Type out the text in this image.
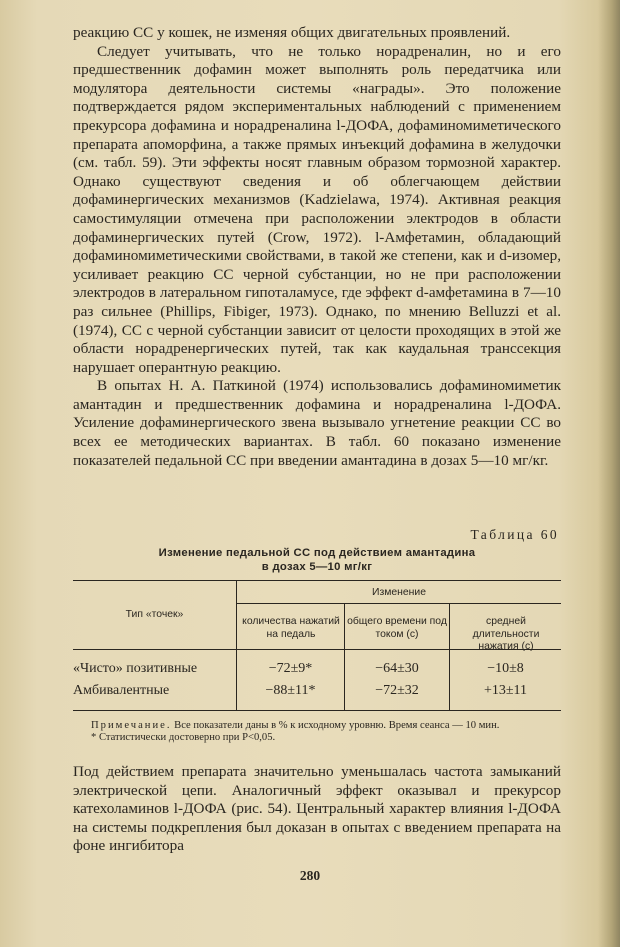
реакцию СС у кошек, не изменяя общих двигательных проявлений.

Следует учитывать, что не только норадреналин, но и его предшественник дофамин может выполнять роль передатчика или модулятора деятельности системы «награды». Это положение подтверждается рядом экспериментальных наблюдений с применением прекурсора дофамина и норадреналина l-ДОФА, дофаминомиметического препарата апоморфина, а также прямых инъекций дофамина в желудочки (см. табл. 59). Эти эффекты носят главным образом тормозной характер. Однако существуют сведения и об облегчающем действии дофаминергических механизмов (Kadzielawa, 1974). Активная реакция самостимуляции отмечена при расположении электродов в области дофаминергических путей (Crow, 1972). l-Амфетамин, обладающий дофаминомиметическими свойствами, в такой же степени, как и d-изомер, усиливает реакцию СС черной субстанции, но не при расположении электродов в латеральном гипоталамусе, где эффект d-амфетамина в 7—10 раз сильнее (Phillips, Fibiger, 1973). Однако, по мнению Belluzzi et al. (1974), СС с черной субстанции зависит от целости проходящих в этой же области норадренергических путей, так как каудальная транссекция нарушает оперантную реакцию.

В опытах Н. А. Паткиной (1974) использовались дофаминомиметик амантадин и предшественник дофамина и норадреналина l-ДОФА. Усиление дофаминергического звена вызывало угнетение реакции СС во всех ее методических вариантах. В табл. 60 показано изменение показателей педальной СС при введении амантадина в дозах 5—10 мг/кг.

Таблица 60
Изменение педальной СС под действием амантадина
в дозах 5—10 мг/кг
Тип «точек»
Изменение
количества нажатий на педаль
общего времени под током (с)
средней длительности нажатия (с)
«Чисто» позитивные	−72±9*	−64±30	−10±8
Амбивалентные	−88±11*	−72±32	+13±11
Примечание. Все показатели даны в % к исходному уровню. Время сеанса — 10 мин.
* Статистически достоверно при P<0,05.

Под действием препарата значительно уменьшалась частота замыканий электрической цепи. Аналогичный эффект оказывал и прекурсор катехоламинов l-ДОФА (рис. 54). Центральный характер влияния l-ДОФА на системы подкрепления был доказан в опытах с введением препарата на фоне ингибитора

280
